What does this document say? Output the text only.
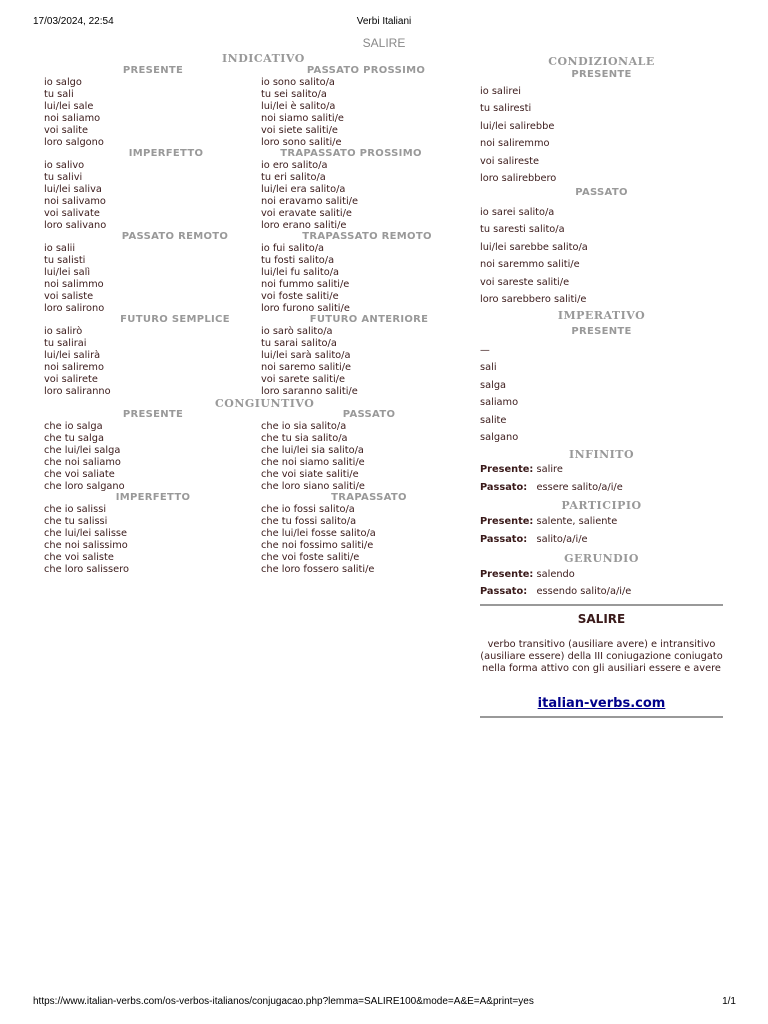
17/03/2024, 22:54	Verbi Italiani
SALIRE
INDICATIVO
PRESENTE
io salgo
tu sali
lui/lei sale
noi saliamo
voi salite
loro salgono
PASSATO PROSSIMO
io sono salito/a
tu sei salito/a
lui/lei è salito/a
noi siamo saliti/e
voi siete saliti/e
loro sono saliti/e
IMPERFETTO
io salivo
tu salivi
lui/lei saliva
noi salivamo
voi salivate
loro salivano
TRAPASSATO PROSSIMO
io ero salito/a
tu eri salito/a
lui/lei era salito/a
noi eravamo saliti/e
voi eravate saliti/e
loro erano saliti/e
PASSATO REMOTO
io salii
tu salisti
lui/lei salì
noi salimmo
voi saliste
loro salirono
TRAPASSATO REMOTO
io fui salito/a
tu fosti salito/a
lui/lei fu salito/a
noi fummo saliti/e
voi foste saliti/e
loro furono saliti/e
FUTURO SEMPLICE
io salirò
tu salirai
lui/lei salirà
noi saliremo
voi salirete
loro saliranno
FUTURO ANTERIORE
io sarò salito/a
tu sarai salito/a
lui/lei sarà salito/a
noi saremo saliti/e
voi sarete saliti/e
loro saranno saliti/e
CONGIUNTIVO
PRESENTE
che io salga
che tu salga
che lui/lei salga
che noi saliamo
che voi saliate
che loro salgano
PASSATO
che io sia salito/a
che tu sia salito/a
che lui/lei sia salito/a
che noi siamo saliti/e
che voi siate saliti/e
che loro siano saliti/e
IMPERFETTO
che io salissi
che tu salissi
che lui/lei salisse
che noi salissimo
che voi saliste
che loro salissero
TRAPASSATO
che io fossi salito/a
che tu fossi salito/a
che lui/lei fosse salito/a
che noi fossimo saliti/e
che voi foste saliti/e
che loro fossero saliti/e
CONDIZIONALE
PRESENTE
io salirei
tu saliresti
lui/lei salirebbe
noi saliremmo
voi salireste
loro salirebbero
PASSATO
io sarei salito/a
tu saresti salito/a
lui/lei sarebbe salito/a
noi saremmo saliti/e
voi sareste saliti/e
loro sarebbero saliti/e
IMPERATIVO
PRESENTE
—
sali
salga
saliamo
salite
salgano
INFINITO
Presente: salire
Passato: essere salito/a/i/e
PARTICIPIO
Presente: salente, saliente
Passato: salito/a/i/e
GERUNDIO
Presente: salendo
Passato: essendo salito/a/i/e
SALIRE
verbo transitivo (ausiliare avere) e intransitivo (ausiliare essere) della III coniugazione coniugato nella forma attivo con gli ausiliari essere e avere
italian-verbs.com
https://www.italian-verbs.com/os-verbos-italianos/conjugacao.php?lemma=SALIRE100&mode=A&E=A&print=yes	1/1
